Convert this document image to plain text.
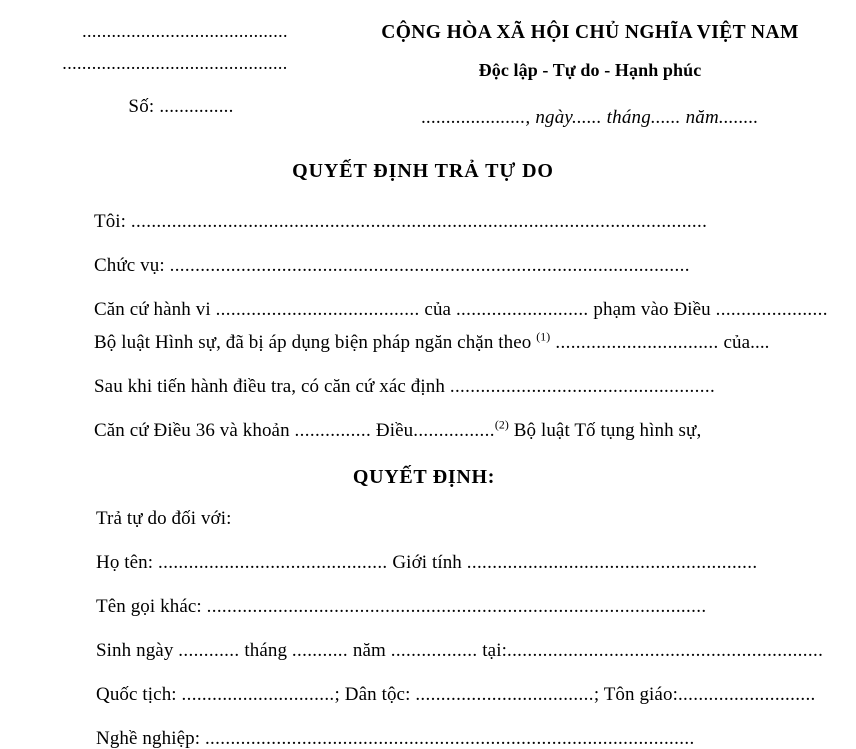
..........................................
..............................................
Số: ...............
CỘNG HÒA XÃ HỘI CHỦ NGHĨA VIỆT NAM
Độc lập - Tự do - Hạnh phúc
....................., ngày...... tháng...... năm........
QUYẾT ĐỊNH TRẢ TỰ DO
Tôi: .................................................................................................................
Chức vụ: ......................................................................................................
Căn cứ hành vi ........................................ của .......................... phạm vào Điều ......................
Bộ luật Hình sự, đã bị áp dụng biện pháp ngăn chặn theo $^{(1)}$ ................................ của....
Sau khi tiến hành điều tra, có căn cứ xác định ....................................................
Căn cứ Điều 36 và khoản ............... Điều................$^{(2)}$ Bộ luật Tố tụng hình sự,
QUYẾT ĐỊNH:
Trả tự do đối với:
Họ tên: ............................................. Giới tính .........................................................
Tên gọi khác: ..................................................................................................
Sinh ngày ............ tháng ........... năm ................. tại:..............................................................
Quốc tịch: ..............................; Dân tộc: ...................................; Tôn giáo:...........................
Nghề nghiệp: ................................................................................................
